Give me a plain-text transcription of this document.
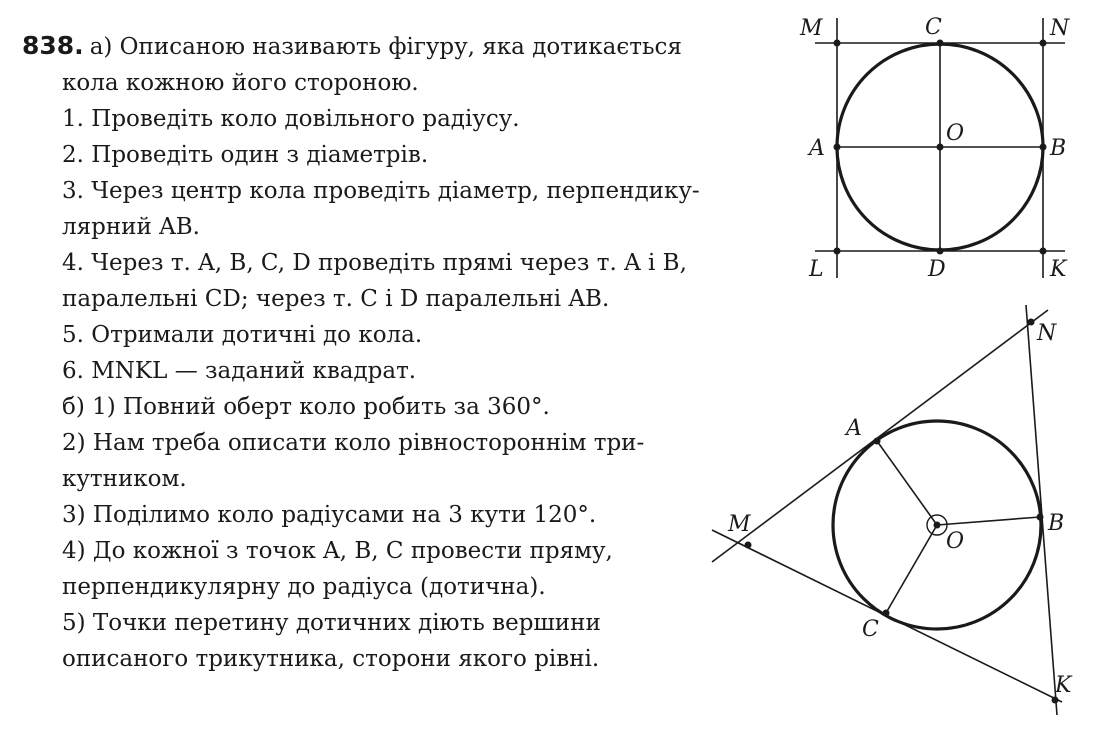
838. а) Описаною називають фігуру, яка дотикається
кола кожною його стороною.
1. Проведіть коло довільного радіусу.
2. Проведіть один з діаметрів.
3. Через центр кола проведіть діаметр, перпендику-
лярний AB.
4. Через т. A, B, C, D проведіть прямі через т. A і B,
паралельні CD; через т. C і D паралельні AB.
5. Отримали дотичні до кола.
6. MNKL — заданий квадрат.
б) 1) Повний оберт коло робить за 360°.
2) Нам треба описати коло рівностороннім три-
кутником.
3) Поділимо коло радіусами на 3 кути 120°.
4) До кожної з точок A, B, C провести пряму,
перпендикулярну до радіуса (дотична).
5) Точки перетину дотичних діють вершини
описаного трикутника, сторони якого рівні.
M	C	N
A
O
B
L	D	K
N
A
M
O
B
C
K
